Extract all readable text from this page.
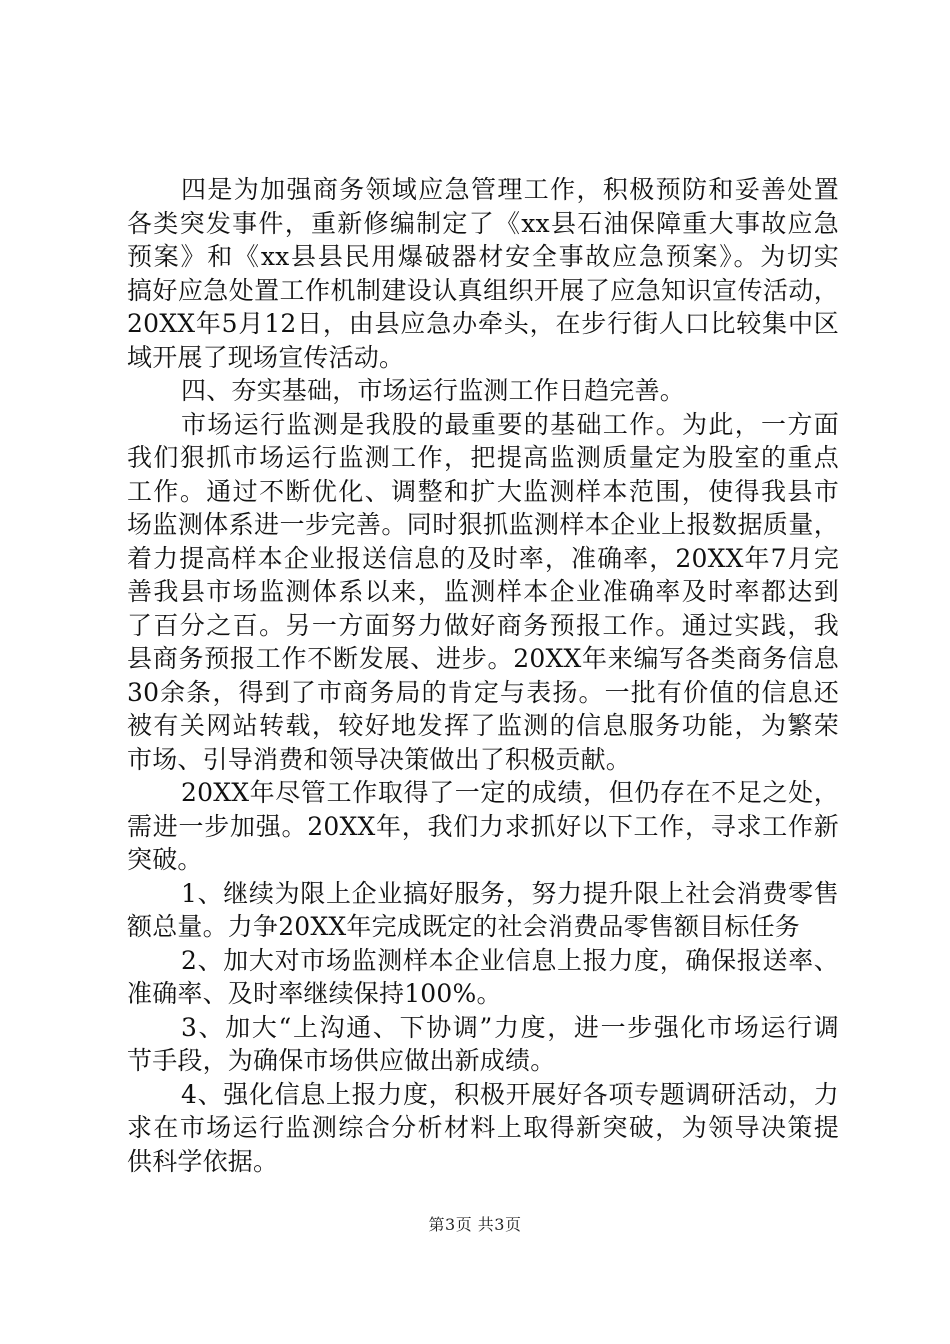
四是为加强商务领域应急管理工作，积极预防和妥善处置
各类突发事件，重新修编制定了《xx县石油保障重大事故应急
预案》和《xx县县民用爆破器材安全事故应急预案》。为切实
搞好应急处置工作机制建设认真组织开展了应急知识宣传活动，
20XX年5月12日，由县应急办牵头，在步行街人口比较集中区
域开展了现场宣传活动。

四、夯实基础，市场运行监测工作日趋完善。

市场运行监测是我股的最重要的基础工作。为此，一方面
我们狠抓市场运行监测工作，把提高监测质量定为股室的重点
工作。通过不断优化、调整和扩大监测样本范围，使得我县市
场监测体系进一步完善。同时狠抓监测样本企业上报数据质量，
着力提高样本企业报送信息的及时率，准确率，20XX年7月完
善我县市场监测体系以来，监测样本企业准确率及时率都达到
了百分之百。另一方面努力做好商务预报工作。通过实践，我
县商务预报工作不断发展、进步。20XX年来编写各类商务信息
30余条，得到了市商务局的肯定与表扬。一批有价值的信息还
被有关网站转载，较好地发挥了监测的信息服务功能，为繁荣
市场、引导消费和领导决策做出了积极贡献。

20XX年尽管工作取得了一定的成绩，但仍存在不足之处，
需进一步加强。20XX年，我们力求抓好以下工作，寻求工作新
突破。

1、继续为限上企业搞好服务，努力提升限上社会消费零售
额总量。力争20XX年完成既定的社会消费品零售额目标任务

2、加大对市场监测样本企业信息上报力度，确保报送率、
准确率、及时率继续保持100%。

3、加大“上沟通、下协调”力度，进一步强化市场运行调
节手段，为确保市场供应做出新成绩。

4、强化信息上报力度，积极开展好各项专题调研活动，力
求在市场运行监测综合分析材料上取得新突破，为领导决策提
供科学依据。

第3页 共3页
